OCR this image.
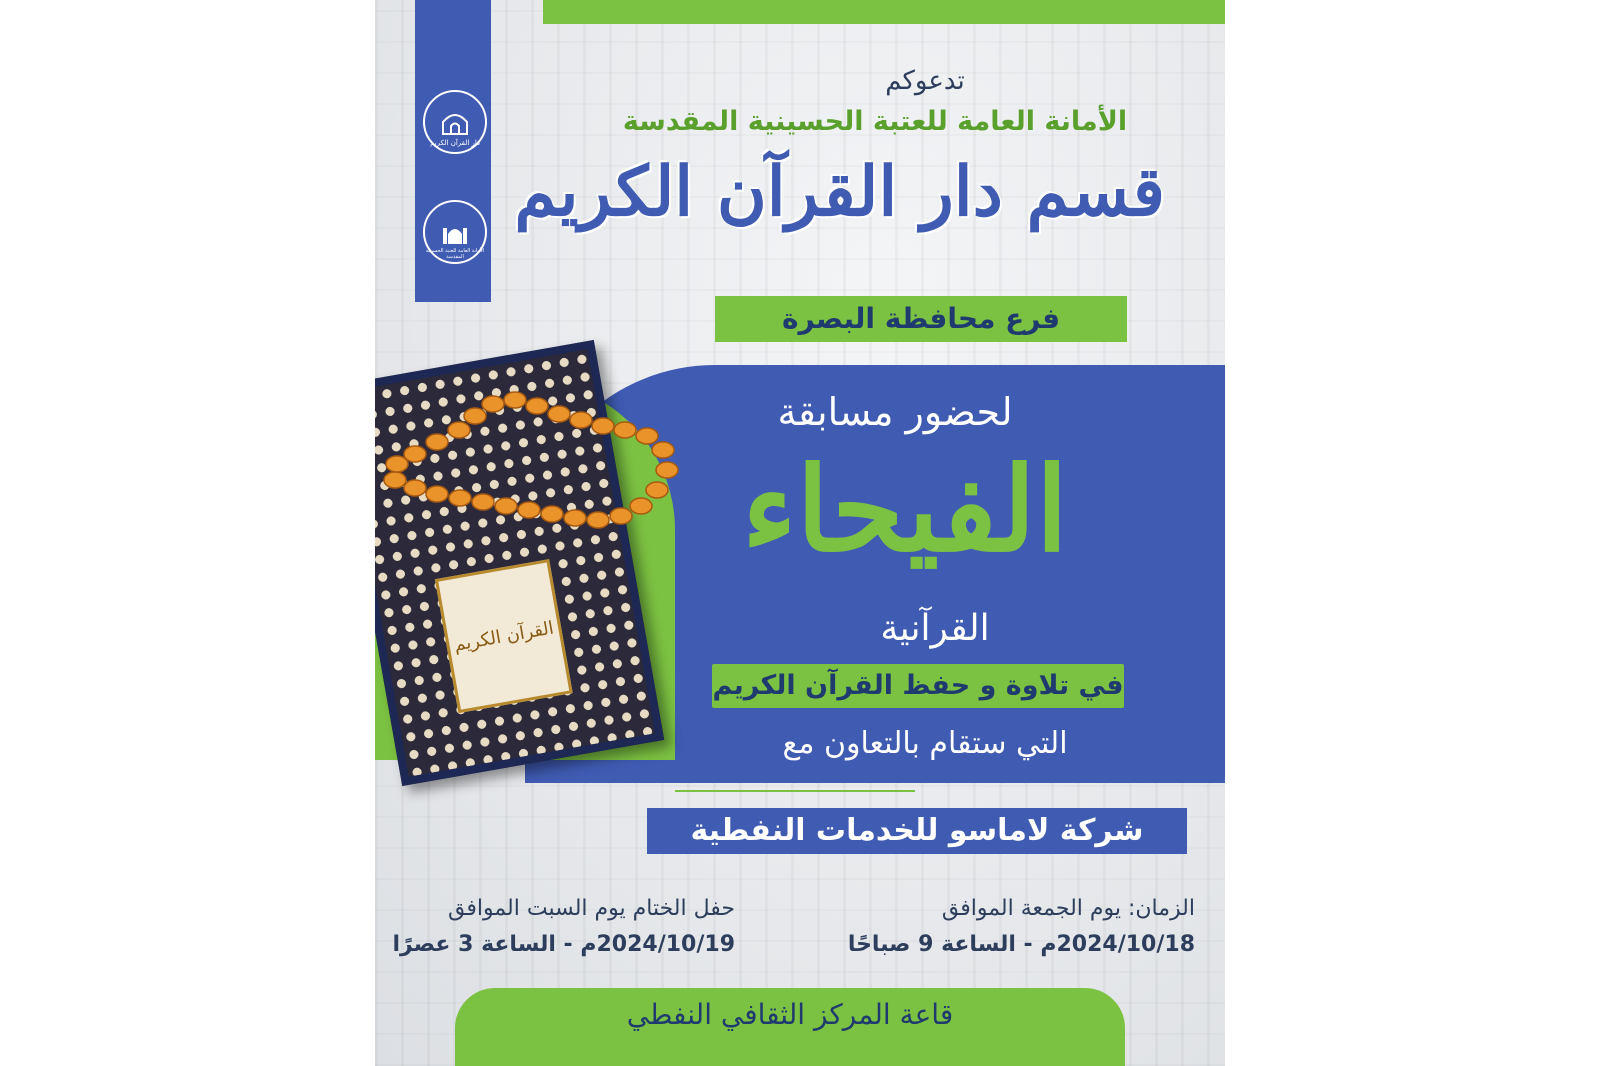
دار القرآن الكريم
الأمانة العامة للعتبة الحسينية المقدسة
تدعوكم
الأمانة العامة للعتبة الحسينية المقدسة
قسم دار القرآن الكريم
فرع محافظة البصرة
القرآن الكريم
لحضور مسابقة
الفيحاء
القرآنية
في تلاوة و حفظ القرآن الكريم
التي ستقام بالتعاون مع
شركة لاماسو للخدمات النفطية
الزمان: يوم الجمعة الموافق
2024/10/18م - الساعة 9 صباحًا
حفل الختام يوم السبت الموافق
2024/10/19م - الساعة 3 عصرًا
قاعة المركز الثقافي النفطي
